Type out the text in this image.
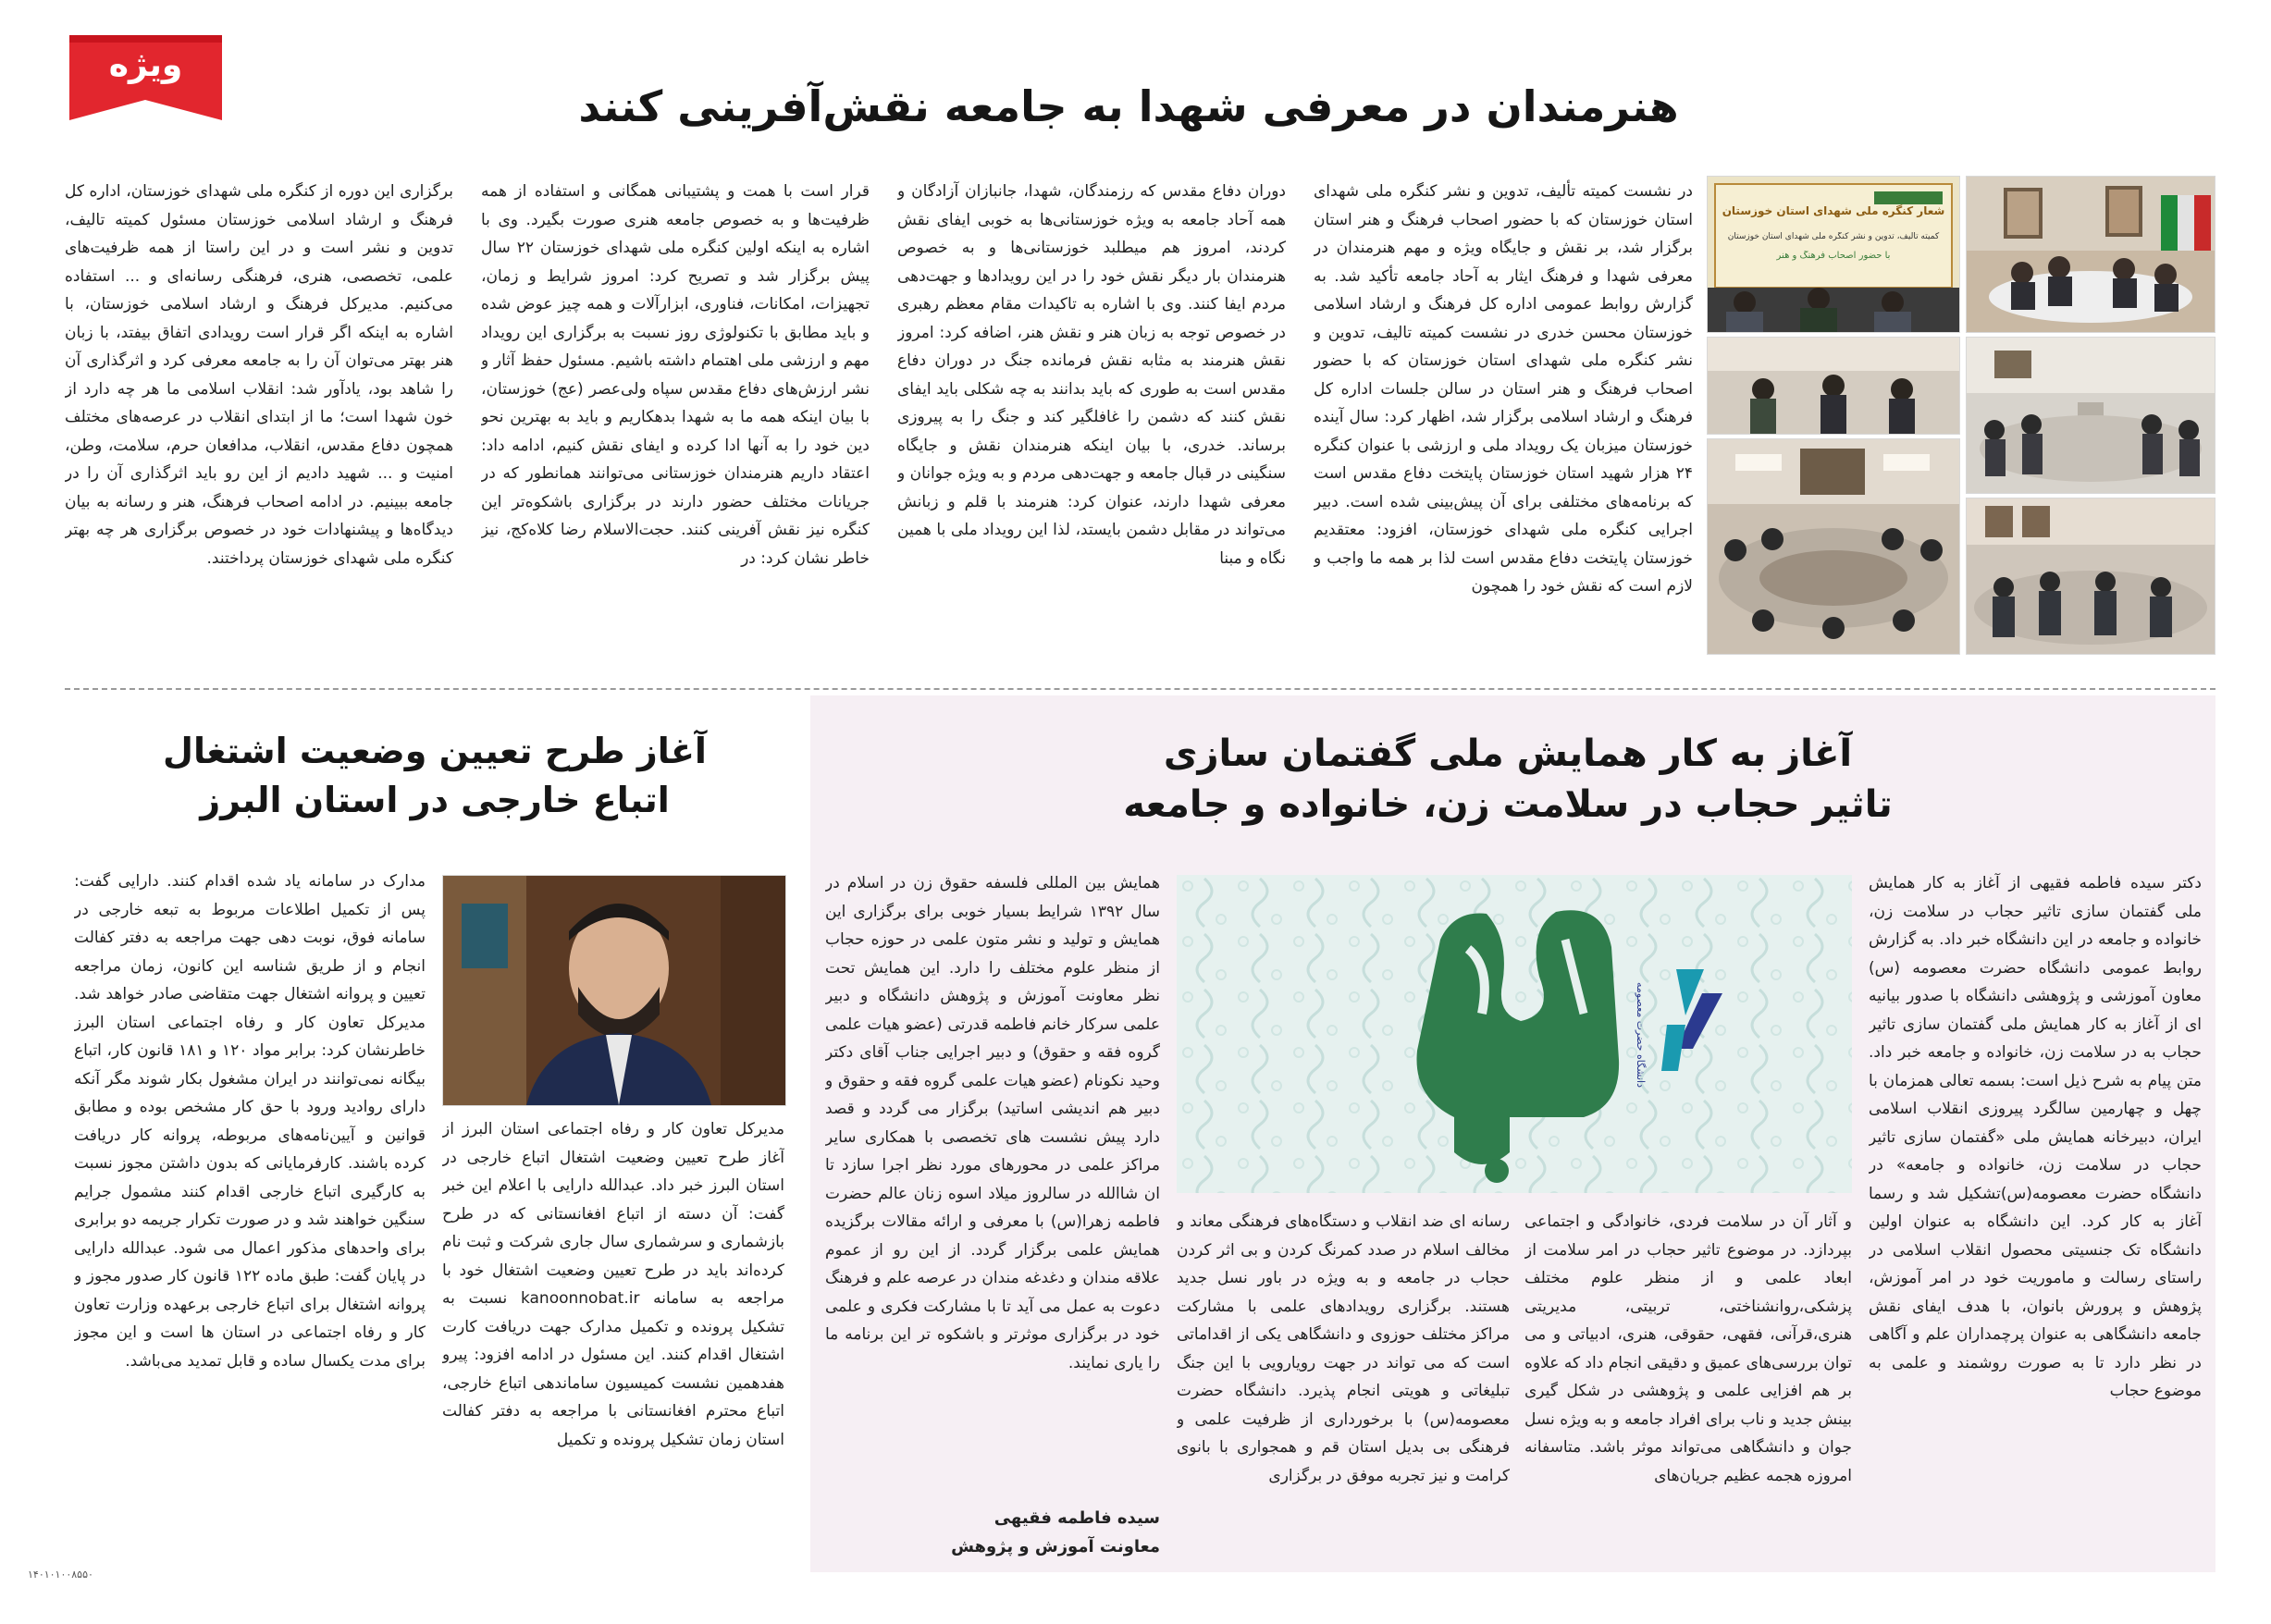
ویژه
هنرمندان در معرفی شهدا به جامعه نقش‌آفرینی کنند

در نشست کمیته تألیف، تدوین و نشر کنگره ملی شهدای استان خوزستان که با حضور اصحاب فرهنگ و هنر استان برگزار شد، بر نقش و جایگاه ویژه و مهم هنرمندان در معرفی شهدا و فرهنگ ایثار به آحاد جامعه تأکید شد. به گزارش روابط عمومی اداره کل فرهنگ و ارشاد اسلامی خوزستان محسن خدری در نشست کمیته تالیف، تدوین و نشر کنگره ملی شهدای استان خوزستان که با حضور اصحاب فرهنگ و هنر استان در سالن جلسات اداره کل فرهنگ و ارشاد اسلامی برگزار شد، اظهار کرد: سال آینده خوزستان میزبان یک رویداد ملی و ارزشی با عنوان کنگره ۲۴ هزار شهید استان خوزستان پایتخت دفاع مقدس است که برنامه‌های مختلفی برای آن پیش‌بینی شده است. دبیر اجرایی کنگره ملی شهدای خوزستان، افزود: معتقدیم خوزستان پایتخت دفاع مقدس است لذا بر همه ما واجب و لازم است که نقش خود را همچون

دوران دفاع مقدس که رزمندگان، شهدا، جانبازان آزادگان و همه آحاد جامعه به ویژه خوزستانی‌ها به خوبی ایفای نقش کردند، امروز هم میطلبد خوزستانی‌ها و به خصوص هنرمندان بار دیگر نقش خود را در این رویدادها و جهت‌دهی مردم ایفا کنند. وی با اشاره به تاکیدات مقام معظم رهبری در خصوص توجه به زبان هنر و نقش هنر، اضافه کرد: امروز نقش هنرمند به مثابه نقش فرمانده جنگ در دوران دفاع مقدس است به طوری که باید بدانند به چه شکلی باید ایفای نقش کنند که دشمن را غافلگیر کند و جنگ را به پیروزی برساند. خدری، با بیان اینکه هنرمندان نقش و جایگاه سنگینی در قبال جامعه و جهت‌دهی مردم و به ویژه جوانان و معرفی شهدا دارند، عنوان کرد: هنرمند با قلم و زبانش می‌تواند در مقابل دشمن بایستد، لذا این رویداد ملی با همین نگاه و مبنا

قرار است با همت و پشتیبانی همگانی و استفاده از همه ظرفیت‌ها و به خصوص جامعه هنری صورت بگیرد. وی با اشاره به اینکه اولین کنگره ملی شهدای خوزستان ۲۲ سال پیش برگزار شد و تصریح کرد: امروز شرایط و زمان، تجهیزات، امکانات، فناوری، ابزارآلات و همه چیز عوض شده و باید مطابق با تکنولوژی روز نسبت به برگزاری این رویداد مهم و ارزشی ملی اهتمام داشته باشیم. مسئول حفظ آثار و نشر ارزش‌های دفاع مقدس سپاه ولی‌عصر (عج) خوزستان، با بیان اینکه همه ما به شهدا بدهکاریم و باید به بهترین نحو دین خود را به آنها ادا کرده و ایفای نقش کنیم، ادامه داد: اعتقاد داریم هنرمندان خوزستانی می‌توانند همانطور که در جریانات مختلف حضور دارند در برگزاری باشکوه‌تر این کنگره نیز نقش آفرینی کنند. حجت‌الاسلام رضا کلاه‌کج، نیز خاطر نشان کرد: در

برگزاری این دوره از کنگره ملی شهدای خوزستان، اداره کل فرهنگ و ارشاد اسلامی خوزستان مسئول کمیته تالیف، تدوین و نشر است و در این راستا از همه ظرفیت‌های علمی، تخصصی، هنری، فرهنگی رسانه‌ای و ... استفاده می‌کنیم. مدیرکل فرهنگ و ارشاد اسلامی خوزستان، با اشاره به اینکه اگر قرار است رویدادی اتفاق بیفتد، با زبان هنر بهتر می‌توان آن را به جامعه معرفی کرد و اثرگذاری آن را شاهد بود، یادآور شد: انقلاب اسلامی ما هر چه دارد از خون شهدا است؛ ما از ابتدای انقلاب در عرصه‌های مختلف همچون دفاع مقدس، انقلاب، مدافعان حرم، سلامت، وطن، امنیت و ... شهید دادیم از این رو باید اثرگذاری آن را در جامعه ببینیم. در ادامه اصحاب فرهنگ، هنر و رسانه به بیان دیدگاه‌ها و پیشنهادات خود در خصوص برگزاری هر چه بهتر کنگره ملی شهدای خوزستان پرداختند.

شعار کنگره ملی شهدای استان خوزستان
کمیته تالیف، تدوین و نشر کنگره ملی شهدای استان خوزستان
با حضور اصحاب فرهنگ و هنر
آغاز به کار همایش ملی گفتمان سازی
تاثیر حجاب در سلامت زن، خانواده و جامعه
دانشگاه حضرت معصومه

دکتر سیده فاطمه فقیهی از آغاز به کار همایش ملی گفتمان سازی تاثیر حجاب در سلامت زن، خانواده و جامعه در این دانشگاه خبر داد. به گزارش روابط عمومی دانشگاه حضرت معصومه (س) معاون آموزشی و پژوهشی دانشگاه با صدور بیانیه ای از آغاز به کار همایش ملی گفتمان سازی تاثیر حجاب به در سلامت زن، خانواده و جامعه خبر داد. متن پیام به شرح ذیل است: بسمه تعالی همزمان با چهل و چهارمین سالگرد پیروزی انقلاب اسلامی ایران، دبیرخانه همایش ملی «گفتمان سازی تاثیر حجاب در سلامت زن، خانواده و جامعه» در دانشگاه حضرت معصومه(س)تشکیل شد و رسما آغاز به کار کرد. این دانشگاه به عنوان اولین دانشگاه تک جنسیتی محصول انقلاب اسلامی در راستای رسالت و ماموریت خود در امر آموزش، پژوهش و پرورش بانوان، با هدف ایفای نقش جامعه دانشگاهی به عنوان پرچمداران علم و آگاهی در نظر دارد تا به صورت روشمند و علمی به موضوع حجاب

و آثار آن در سلامت فردی، خانوادگی و اجتماعی بپردازد. در موضوع تاثیر حجاب در امر سلامت از ابعاد علمی و از منظر علوم مختلف پزشکی،روانشناختی، تربیتی، مدیریتی هنری،قرآنی، فقهی، حقوقی، هنری، ادبیاتی و می توان بررسی‌های عمیق و دقیقی انجام داد که علاوه بر هم افزایی علمی و پژوهشی در شکل گیری بینش جدید و ناب برای افراد جامعه و به ویژه نسل جوان و دانشگاهی می‌تواند موثر باشد. متاسفانه امروزه هجمه عظیم جریان‌های

رسانه ای ضد انقلاب و دستگاه‌های فرهنگی معاند و مخالف اسلام در صدد کمرنگ کردن و بی اثر کردن حجاب در جامعه و به ویژه در باور نسل جدید هستند. برگزاری رویدادهای علمی با مشارکت مراکز مختلف حوزوی و دانشگاهی یکی از اقداماتی است که می تواند در جهت رویارویی با این جنگ تبلیغاتی و هویتی انجام پذیرد. دانشگاه حضرت معصومه(س) با برخورداری از ظرفیت علمی و فرهنگی بی بدیل استان قم و همجواری با بانوی کرامت و نیز تجربه موفق در برگزاری

همایش بین المللی فلسفه حقوق زن در اسلام در سال ۱۳۹۲ شرایط بسیار خوبی برای برگزاری این همایش و تولید و نشر متون علمی در حوزه حجاب از منظر علوم مختلف را دارد. این همایش تحت نظر معاونت آموزش و پژوهش دانشگاه و دبیر علمی سرکار خانم فاطمه قدرتی (عضو هیات علمی گروه فقه و حقوق) و دبیر اجرایی جناب آقای دکتر وحید نکونام (عضو هیات علمی گروه فقه و حقوق و دبیر هم اندیشی اساتید) برگزار می گردد و قصد دارد پیش نشست های تخصصی با همکاری سایر مراکز علمی در محورهای مورد نظر اجرا سازد تا ان شاالله در سالروز میلاد اسوه زنان عالم حضرت فاطمه زهرا(س) با معرفی و ارائه مقالات برگزیده همایش علمی برگزار گردد. از این رو از عموم علاقه مندان و دغدغه مندان در عرصه علم و فرهنگ دعوت به عمل می آید تا با مشارکت فکری و علمی خود در برگزاری موثرتر و باشکوه تر این برنامه ما را یاری نمایند.

سیده فاطمه فقیهی
معاونت آموزش و پژوهش
آغاز طرح تعیین وضعیت اشتغال
اتباع خارجی در استان البرز

مدارک در سامانه یاد شده اقدام کنند. دارایی گفت: پس از تکمیل اطلاعات مربوط به تبعه خارجی در سامانه فوق، نوبت دهی جهت مراجعه به دفتر کفالت انجام و از طریق شناسه این کانون، زمان مراجعه تعیین و پروانه اشتغال جهت متقاضی صادر خواهد شد. مدیرکل تعاون کار و رفاه اجتماعی استان البرز خاطرنشان کرد: برابر مواد ۱۲۰ و ۱۸۱ قانون کار، اتباع بیگانه نمی‌توانند در ایران مشغول بکار شوند مگر آنکه دارای روادید ورود با حق کار مشخص بوده و مطابق قوانین و آیین‌نامه‌های مربوطه، پروانه کار دریافت کرده باشند. کارفرمایانی که بدون داشتن مجوز نسبت به کارگیری اتباع خارجی اقدام کنند مشمول جرایم سنگین خواهند شد و در صورت تکرار جریمه دو برابری برای واحدهای مذکور اعمال می شود. عبدالله دارایی در پایان گفت: طبق ماده ۱۲۲ قانون کار صدور مجوز و پروانه اشتغال برای اتباع خارجی برعهده وزارت تعاون کار و رفاه اجتماعی در استان ها است و این مجوز برای مدت یکسال ساده و قابل تمدید می‌باشد.

مدیرکل تعاون کار و رفاه اجتماعی استان البرز از آغاز طرح تعیین وضعیت اشتغال اتباع خارجی در استان البرز خبر داد. عبدالله دارایی با اعلام این خبر گفت: آن دسته از اتباع افغانستانی که در طرح بازشماری و سرشماری سال جاری شرکت و ثبت نام کرده‌اند باید در طرح تعیین وضعیت اشتغال خود با مراجعه به سامانه kanoonnobat.ir نسبت به تشکیل پرونده و تکمیل مدارک جهت دریافت کارت اشتغال اقدام کنند. این مسئول در ادامه افزود: پیرو هفدهمین نشست کمیسیون ساماندهی اتباع خارجی، اتباع محترم افغانستانی با مراجعه به دفتر کفالت استان زمان تشکیل پرونده و تکمیل

۱۴۰۱۰۱۰۰۸۵۵۰
